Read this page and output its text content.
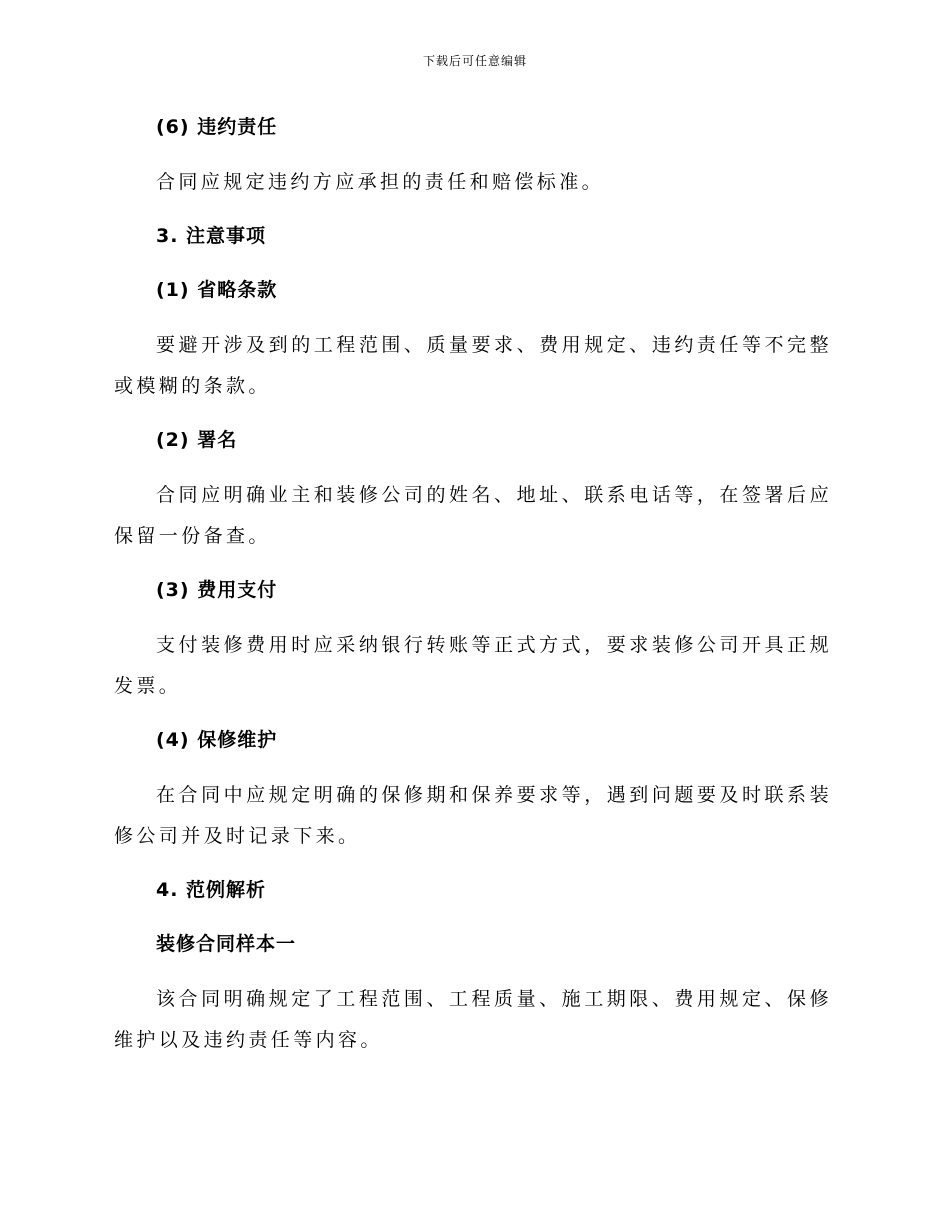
下载后可任意编辑
(6) 违约责任
合同应规定违约方应承担的责任和赔偿标准。
3. 注意事项
(1) 省略条款
要避开涉及到的工程范围、质量要求、费用规定、违约责任等不完整或模糊的条款。
(2) 署名
合同应明确业主和装修公司的姓名、地址、联系电话等，在签署后应保留一份备查。
(3) 费用支付
支付装修费用时应采纳银行转账等正式方式，要求装修公司开具正规发票。
(4) 保修维护
在合同中应规定明确的保修期和保养要求等，遇到问题要及时联系装修公司并及时记录下来。
4. 范例解析
装修合同样本一
该合同明确规定了工程范围、工程质量、施工期限、费用规定、保修维护以及违约责任等内容。
